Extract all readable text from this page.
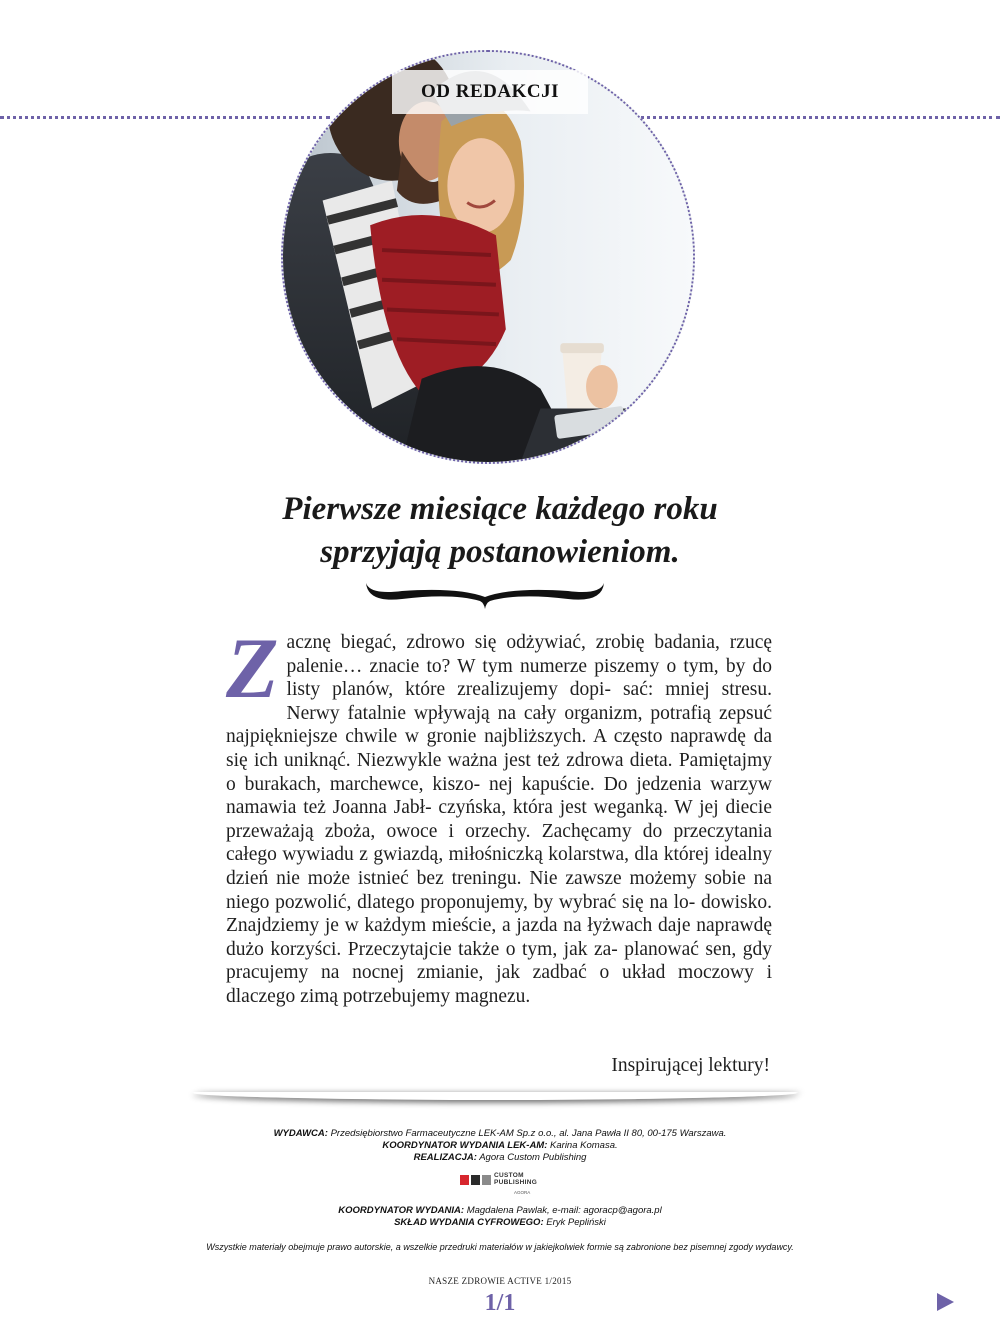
OD REDAKCJI
Pierwsze miesiące każdego roku
sprzyjają postanowieniom.
Z acznę biegać, zdrowo się odżywiać, zrobię badania, rzucę palenie… znacie to? W tym numerze piszemy o tym, by do listy planów, które zrealizujemy dopi- sać: mniej stresu. Nerwy fatalnie wpływają na cały organizm, potrafią zepsuć najpiękniejsze chwile w gronie najbliższych. A często naprawdę da się ich uniknąć. Niezwykle ważna jest też zdrowa dieta. Pamiętajmy o burakach, marchewce, kiszo- nej kapuście. Do jedzenia warzyw namawia też Joanna Jabł- czyńska, która jest weganką. W jej diecie przeważają zboża, owoce i orzechy. Zachęcamy do przeczytania całego wywiadu z gwiazdą, miłośniczką kolarstwa, dla której idealny dzień nie może istnieć bez treningu. Nie zawsze możemy sobie na niego pozwolić, dlatego proponujemy, by wybrać się na lo- dowisko. Znajdziemy je w każdym mieście, a jazda na łyżwach daje naprawdę dużo korzyści. Przeczytajcie także o tym, jak za- planować sen, gdy pracujemy na nocnej zmianie, jak zadbać o układ moczowy i dlaczego zimą potrzebujemy magnezu.
Inspirującej lektury!
WYDAWCA: Przedsiębiorstwo Farmaceutyczne LEK-AM Sp.z o.o., al. Jana Pawła II 80, 00-175 Warszawa.
KOORDYNATOR WYDANIA LEK-AM: Karina Komasa.
REALIZACJA: Agora Custom Publishing
CUSTOM
PUBLISHING
AGORA
KOORDYNATOR WYDANIA: Magdalena Pawlak, e-mail: agoracp@agora.pl
SKŁAD WYDANIA CYFROWEGO: Eryk Pepliński
Wszystkie materiały obejmuje prawo autorskie, a wszelkie przedruki materiałów w jakiejkolwiek formie są zabronione bez pisemnej zgody wydawcy.
NASZE ZDROWIE ACTIVE 1/2015
1/1
